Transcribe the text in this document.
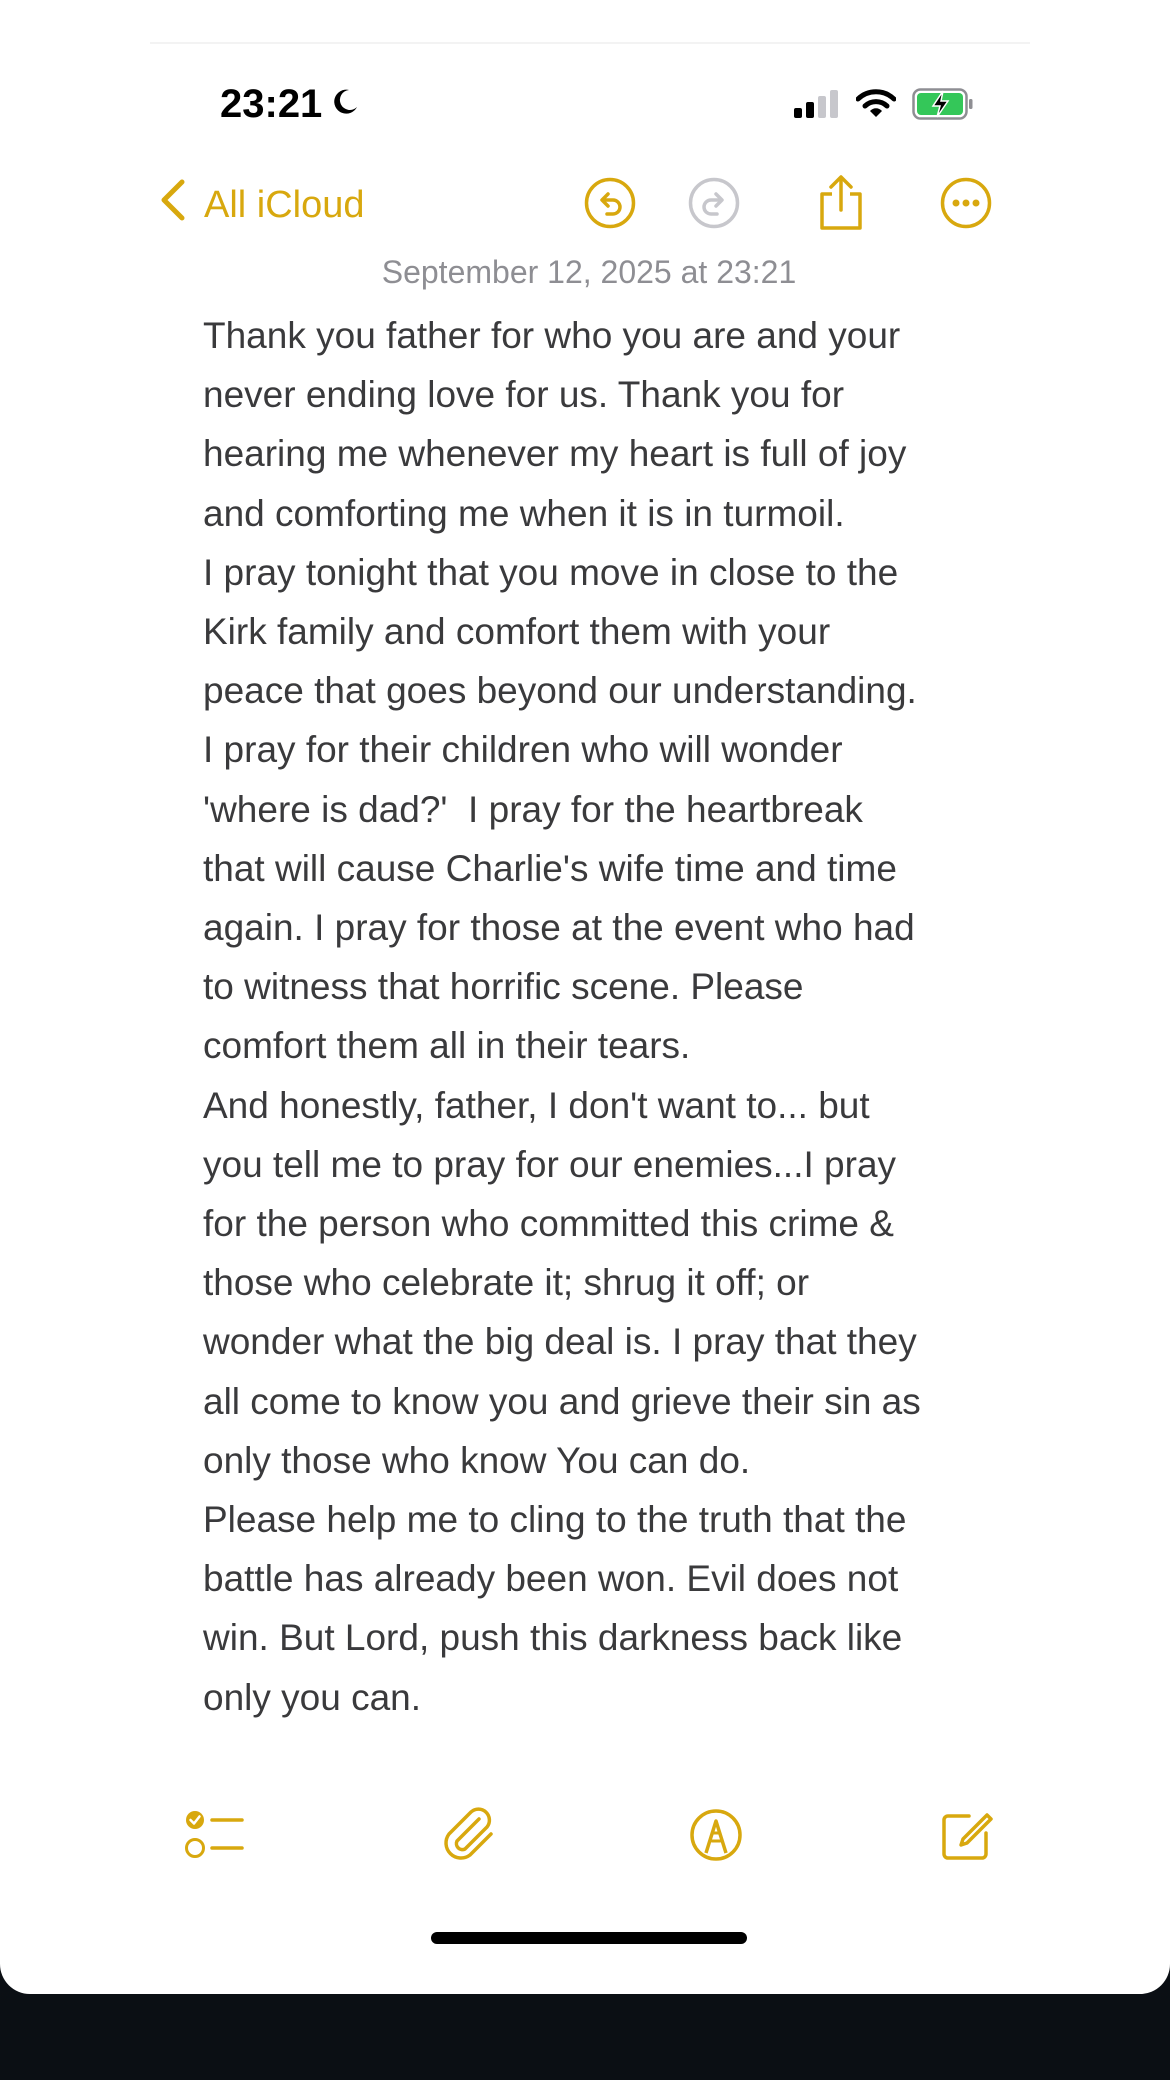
23:21
All iCloud
September 12, 2025 at 23:21
Thank you father for who you are and your
never ending love for us. Thank you for
hearing me whenever my heart is full of joy
and comforting me when it is in turmoil.
I pray tonight that you move in close to the
Kirk family and comfort them with your
peace that goes beyond our understanding.
I pray for their children who will wonder
'where is dad?'  I pray for the heartbreak
that will cause Charlie's wife time and time
again. I pray for those at the event who had
to witness that horrific scene. Please
comfort them all in their tears.
And honestly, father, I don't want to... but
you tell me to pray for our enemies...I pray
for the person who committed this crime &
those who celebrate it; shrug it off; or
wonder what the big deal is. I pray that they
all come to know you and grieve their sin as
only those who know You can do.
Please help me to cling to the truth that the
battle has already been won. Evil does not
win. But Lord, push this darkness back like
only you can.
